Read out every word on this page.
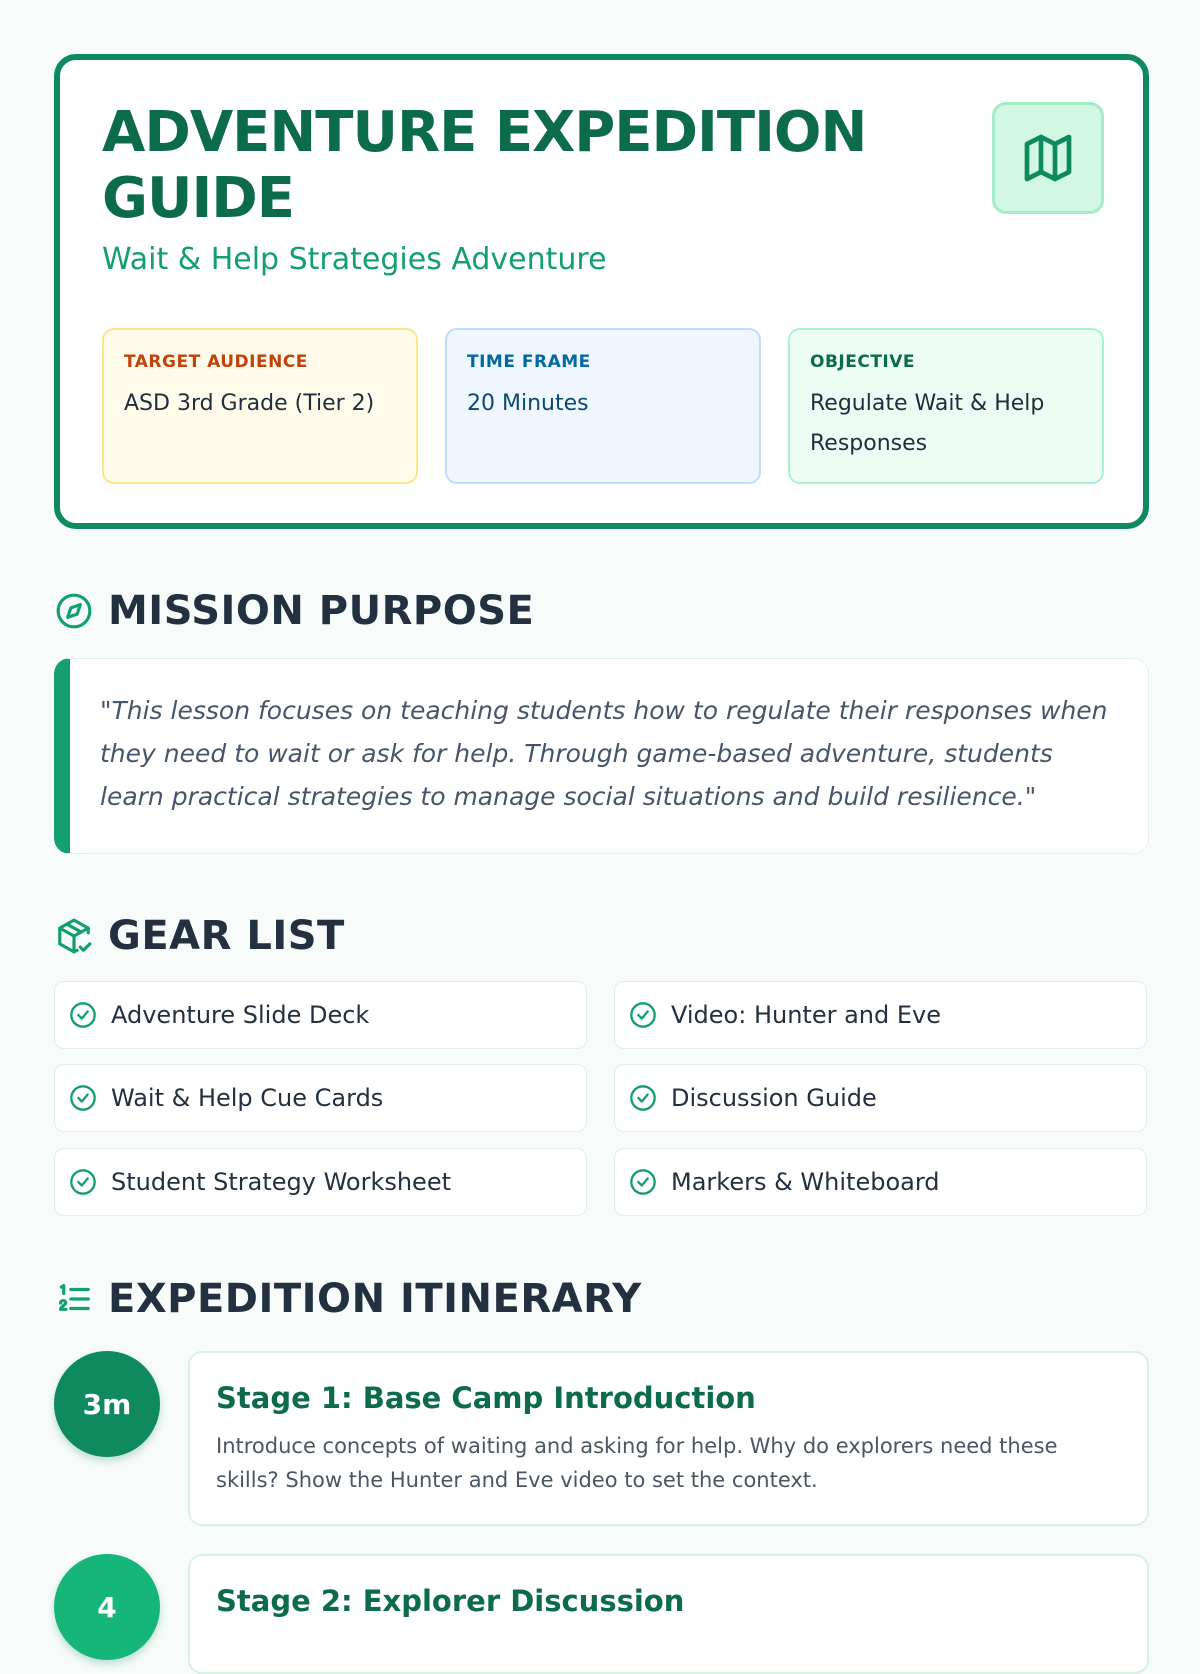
ADVENTURE EXPEDITION GUIDE

Wait & Help Strategies Adventure

TARGET AUDIENCE
ASD 3rd Grade (Tier 2)
TIME FRAME
20 Minutes
OBJECTIVE
Regulate Wait & Help Responses
MISSION PURPOSE

"This lesson focuses on teaching students how to regulate their responses when they need to wait or ask for help. Through game-based adventure, students learn practical strategies to manage social situations and build resilience."

GEAR LIST
Adventure Slide Deck	Video: Hunter and Eve
Wait & Help Cue Cards	Discussion Guide
Student Strategy Worksheet	Markers & Whiteboard
EXPEDITION ITINERARY
3m	Stage 1: Base Camp Introduction

Introduce concepts of waiting and asking for help. Why do explorers need these skills? Show the Hunter and Eve video to set the context.

4	Stage 2: Explorer Discussion
